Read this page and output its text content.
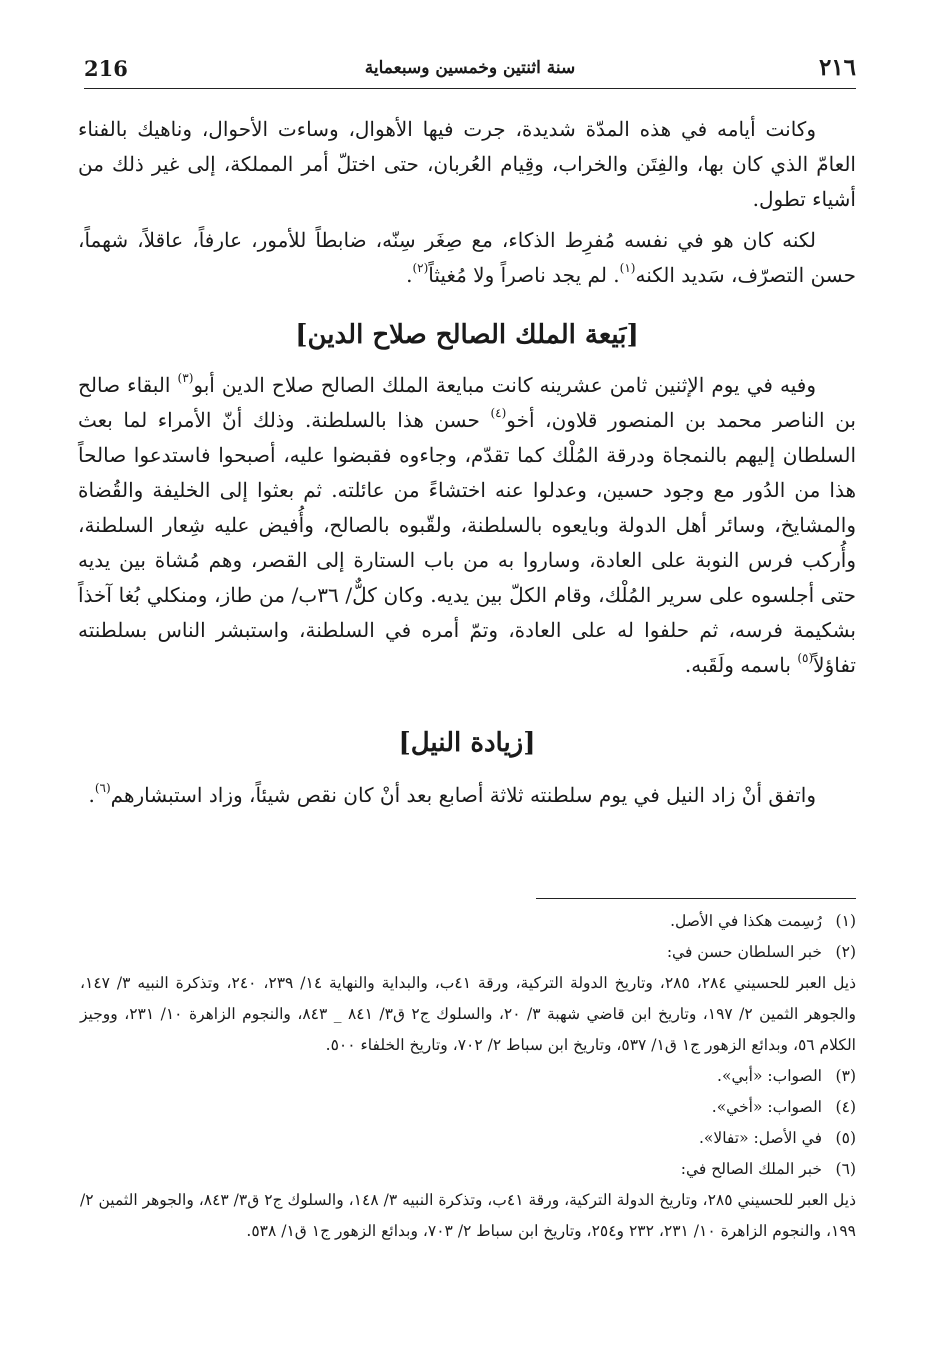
216	سنة اثنتين وخمسين وسبعماية	٢١٦

وكانت أيامه في هذه المدّة شديدة، جرت فيها الأهوال، وساءت الأحوال، وناهيك بالفناء العامّ الذي كان بها، والفِتَن والخراب، وقِيام العُربان، حتى اختلّ أمر المملكة، إلى غير ذلك من أشياء تطول.

لكنه كان هو في نفسه مُفرِط الذكاء، مع صِغَر سِنّه، ضابطاً للأمور، عارفاً، عاقلاً، شهماً، حسن التصرّف، سَديد الكنه$^{(١)}$. لم يجد ناصراً ولا مُغيثاً$^{(٢)}$.

[بَيعة الملك الصالح صلاح الدين]

وفيه في يوم الإثنين ثامن عشرينه كانت مبايعة الملك الصالح صلاح الدين أبو$^{(٣)}$ البقاء صالح بن الناصر محمد بن المنصور قلاون، أخو$^{(٤)}$ حسن هذا بالسلطنة. وذلك أنّ الأمراء لما بعث السلطان إليهم بالنمجاة ودرقة المُلْك كما تقدّم، وجاءوه فقبضوا عليه، أصبحوا فاستدعوا صالحاً هذا من الدُور مع وجود حسين، وعدلوا عنه اختشاءً من عائلته. ثم بعثوا إلى الخليفة والقُضاة والمشايخ، وسائر أهل الدولة وبايعوه بالسلطنة، ولقّبوه بالصالح، وأُفيض عليه شِعار السلطنة، وأُركب فرس النوبة على العادة، وساروا به من باب الستارة إلى القصر، وهم مُشاة بين يديه حتى أجلسوه على سرير المُلْك، وقام الكلّ بين يديه. وكان كلٌّ/ ٣٦ب/ من طاز، ومنكلي بُغا آخذاً بشكيمة فرسه، ثم حلفوا له على العادة، وتمّ أمره في السلطنة، واستبشر الناس بسلطنته تفاؤلاً$^{(٥)}$ باسمه ولَقَبه.

[زيادة النيل]

واتفق أنْ زاد النيل في يوم سلطنته ثلاثة أصابع بعد أنْ كان نقص شيئاً، وزاد استبشارهم$^{(٦)}$.

(١)رُسِمت هكذا في الأصل.

(٢)خبر السلطان حسن في:

ذيل العبر للحسيني ٢٨٤، ٢٨٥، وتاريخ الدولة التركية، ورقة ٤١ب، والبداية والنهاية ١٤/ ٢٣٩، ٢٤٠، وتذكرة النبيه ٣/ ١٤٧، والجوهر الثمين ٢/ ١٩٧، وتاريخ ابن قاضي شهبة ٣/ ٢٠، والسلوك ج٢ ق٣/ ٨٤١ _ ٨٤٣، والنجوم الزاهرة ١٠/ ٢٣١، ووجيز الكلام ٥٦، وبدائع الزهور ج١ ق١/ ٥٣٧، وتاريخ ابن سباط ٢/ ٧٠٢، وتاريخ الخلفاء ٥٠٠.

(٣)الصواب: «أبي».

(٤)الصواب: «أخي».

(٥)في الأصل: «تفالا».

(٦)خبر الملك الصالح في:

ذيل العبر للحسيني ٢٨٥، وتاريخ الدولة التركية، ورقة ٤١ب، وتذكرة النبيه ٣/ ١٤٨، والسلوك ج٢ ق٣/ ٨٤٣، والجوهر الثمين ٢/ ١٩٩، والنجوم الزاهرة ١٠/ ٢٣١، ٢٣٢ و٢٥٤، وتاريخ ابن سباط ٢/ ٧٠٣، وبدائع الزهور ج١ ق١/ ٥٣٨.
